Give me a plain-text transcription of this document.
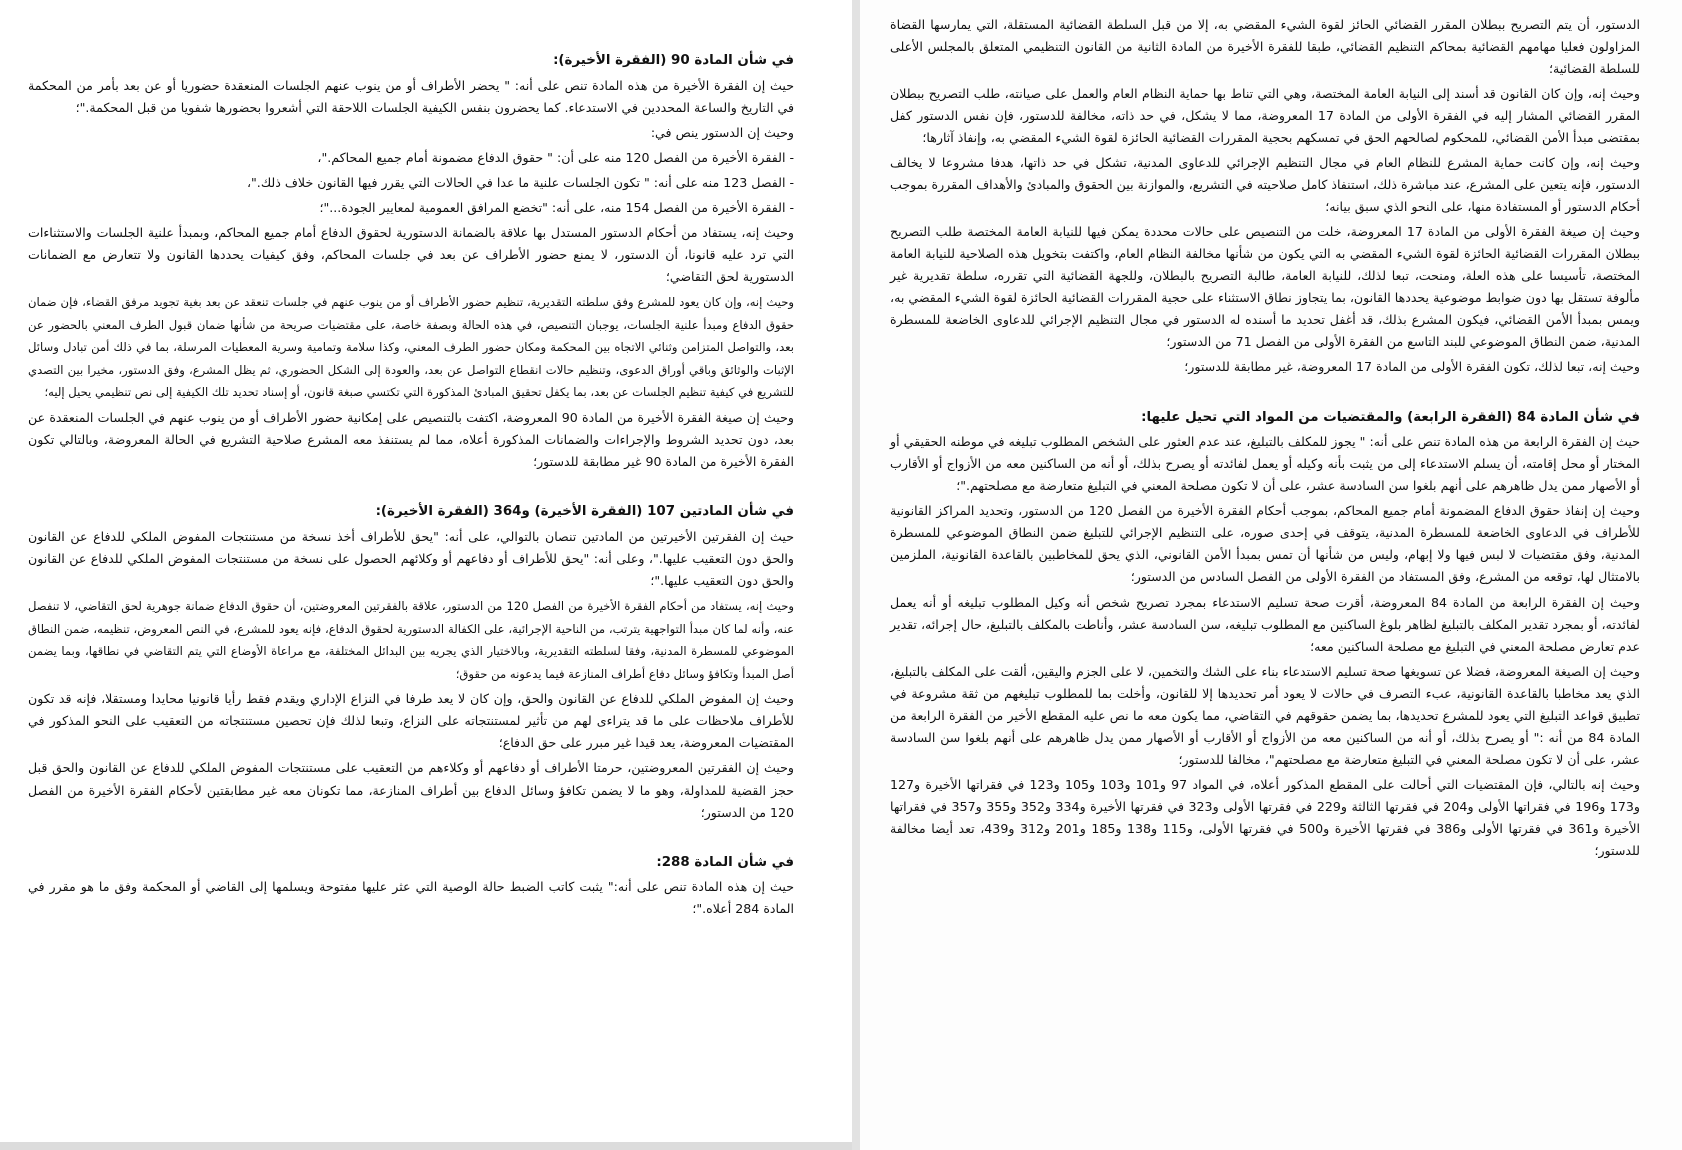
في شأن المادة 90 (الفقرة الأخيرة):

حيث إن الفقرة الأخيرة من هذه المادة تنص على أنه: " يحضر الأطراف أو من ينوب عنهم الجلسات المنعقدة حضوريا أو عن بعد بأمر من المحكمة في التاريخ والساعة المحددين في الاستدعاء. كما يحضرون بنفس الكيفية الجلسات اللاحقة التي أشعروا بحضورها شفويا من قبل المحكمة."؛

وحيث إن الدستور ينص في:

- الفقرة الأخيرة من الفصل 120 منه على أن: " حقوق الدفاع مضمونة أمام جميع المحاكم."،

- الفصل 123 منه على أنه: " تكون الجلسات علنية ما عدا في الحالات التي يقرر فيها القانون خلاف ذلك."،

- الفقرة الأخيرة من الفصل 154 منه، على أنه: "تخضع المرافق العمومية لمعايير الجودة..."؛

وحيث إنه، يستفاد من أحكام الدستور المستدل بها علاقة بالضمانة الدستورية لحقوق الدفاع أمام جميع المحاكم، وبمبدأ علنية الجلسات والاستثناءات التي ترد عليه قانونا، أن الدستور، لا يمنع حضور الأطراف عن بعد في جلسات المحاكم، وفق كيفيات يحددها القانون ولا تتعارض مع الضمانات الدستورية لحق التقاضي؛

وحيث إنه، وإن كان يعود للمشرع وفق سلطته التقديرية، تنظيم حضور الأطراف أو من ينوب عنهم في جلسات تنعقد عن بعد بغية تجويد مرفق القضاء، فإن ضمان حقوق الدفاع ومبدأ علنية الجلسات، يوجبان التنصيص، في هذه الحالة وبصفة خاصة، على مقتضيات صريحة من شأنها ضمان قبول الطرف المعني بالحضور عن بعد، والتواصل المتزامن وثنائي الاتجاه بين المحكمة ومكان حضور الطرف المعني، وكذا سلامة وتمامية وسرية المعطيات المرسلة، بما في ذلك أمن تبادل وسائل الإثبات والوثائق وباقي أوراق الدعوى، وتنظيم حالات انقطاع التواصل عن بعد، والعودة إلى الشكل الحضوري، ثم يظل المشرع، وفق الدستور، مخيرا بين التصدي للتشريع في كيفية تنظيم الجلسات عن بعد، بما يكفل تحقيق المبادئ المذكورة التي تكتسي صبغة قانون، أو إسناد تحديد تلك الكيفية إلى نص تنظيمي يحيل إليه؛

وحيث إن صيغة الفقرة الأخيرة من المادة 90 المعروضة، اكتفت بالتنصيص على إمكانية حضور الأطراف أو من ينوب عنهم في الجلسات المنعقدة عن بعد، دون تحديد الشروط والإجراءات والضمانات المذكورة أعلاه، مما لم يستنفذ معه المشرع صلاحية التشريع في الحالة المعروضة، وبالتالي تكون الفقرة الأخيرة من المادة 90 غير مطابقة للدستور؛

في شأن المادتين 107 (الفقرة الأخيرة) و364 (الفقرة الأخيرة):

حيث إن الفقرتين الأخيرتين من المادتين تنصان بالتوالي، على أنه: "يحق للأطراف أخذ نسخة من مستنتجات المفوض الملكي للدفاع عن القانون والحق دون التعقيب عليها."، وعلى أنه: "يحق للأطراف أو دفاعهم أو وكلائهم الحصول على نسخة من مستنتجات المفوض الملكي للدفاع عن القانون والحق دون التعقيب عليها."؛

وحيث إنه، يستفاد من أحكام الفقرة الأخيرة من الفصل 120 من الدستور، علاقة بالفقرتين المعروضتين، أن حقوق الدفاع ضمانة جوهرية لحق التقاضي، لا تنفصل عنه، وأنه لما كان مبدأ التواجهية يترتب، من الناحية الإجرائية، على الكفالة الدستورية لحقوق الدفاع، فإنه يعود للمشرع، في النص المعروض، تنظيمه، ضمن النطاق الموضوعي للمسطرة المدنية، وفقا لسلطته التقديرية، وبالاختيار الذي يجريه بين البدائل المختلفة، مع مراعاة الأوضاع التي يتم التقاضي في نطاقها، وبما يضمن أصل المبدأ وتكافؤ وسائل دفاع أطراف المنازعة فيما يدعونه من حقوق؛

وحيث إن المفوض الملكي للدفاع عن القانون والحق، وإن كان لا يعد طرفا في النزاع الإداري ويقدم فقط رأيا قانونيا محايدا ومستقلا، فإنه قد تكون للأطراف ملاحظات على ما قد يتراءى لهم من تأثير لمستنتجاته على النزاع، وتبعا لذلك فإن تحصين مستنتجاته من التعقيب على النحو المذكور في المقتضيات المعروضة، يعد قيدا غير مبرر على حق الدفاع؛

وحيث إن الفقرتين المعروضتين، حرمتا الأطراف أو دفاعهم أو وكلاءهم من التعقيب على مستنتجات المفوض الملكي للدفاع عن القانون والحق قبل حجز القضية للمداولة، وهو ما لا يضمن تكافؤ وسائل الدفاع بين أطراف المنازعة، مما تكونان معه غير مطابقتين لأحكام الفقرة الأخيرة من الفصل 120 من الدستور؛

في شأن المادة 288:

حيث إن هذه المادة تنص على أنه:" يثبت كاتب الضبط حالة الوصية التي عثر عليها مفتوحة ويسلمها إلى القاضي أو المحكمة وفق ما هو مقرر في المادة 284 أعلاه."؛

الدستور، أن يتم التصريح ببطلان المقرر القضائي الحائز لقوة الشيء المقضي به، إلا من قبل السلطة القضائية المستقلة، التي يمارسها القضاة المزاولون فعليا مهامهم القضائية بمحاكم التنظيم القضائي، طبقا للفقرة الأخيرة من المادة الثانية من القانون التنظيمي المتعلق بالمجلس الأعلى للسلطة القضائية؛

وحيث إنه، وإن كان القانون قد أسند إلى النيابة العامة المختصة، وهي التي تناط بها حماية النظام العام والعمل على صيانته، طلب التصريح ببطلان المقرر القضائي المشار إليه في الفقرة الأولى من المادة 17 المعروضة، مما لا يشكل، في حد ذاته، مخالفة للدستور، فإن نفس الدستور كفل بمقتضى مبدأ الأمن القضائي، للمحكوم لصالحهم الحق في تمسكهم بحجية المقررات القضائية الحائزة لقوة الشيء المقضي به، وإنفاذ آثارها؛

وحيث إنه، وإن كانت حماية المشرع للنظام العام في مجال التنظيم الإجرائي للدعاوى المدنية، تشكل في حد ذاتها، هدفا مشروعا لا يخالف الدستور، فإنه يتعين على المشرع، عند مباشرة ذلك، استنفاذ كامل صلاحيته في التشريع، والموازنة بين الحقوق والمبادئ والأهداف المقررة بموجب أحكام الدستور أو المستفادة منها، على النحو الذي سبق بيانه؛

وحيث إن صيغة الفقرة الأولى من المادة 17 المعروضة، خلت من التنصيص على حالات محددة يمكن فيها للنيابة العامة المختصة طلب التصريح ببطلان المقررات القضائية الحائزة لقوة الشيء المقضي به التي يكون من شأنها مخالفة النظام العام، واكتفت بتخويل هذه الصلاحية للنيابة العامة المختصة، تأسيسا على هذه العلة، ومنحت، تبعا لذلك، للنيابة العامة، طالبة التصريح بالبطلان، وللجهة القضائية التي تقرره، سلطة تقديرية غير مألوفة تستقل بها دون ضوابط موضوعية يحددها القانون، بما يتجاوز نطاق الاستثناء على حجية المقررات القضائية الحائزة لقوة الشيء المقضي به، ويمس بمبدأ الأمن القضائي، فيكون المشرع بذلك، قد أغفل تحديد ما أسنده له الدستور في مجال التنظيم الإجرائي للدعاوى الخاضعة للمسطرة المدنية، ضمن النطاق الموضوعي للبند التاسع من الفقرة الأولى من الفصل 71 من الدستور؛

وحيث إنه، تبعا لذلك، تكون الفقرة الأولى من المادة 17 المعروضة، غير مطابقة للدستور؛

في شأن المادة 84 (الفقرة الرابعة) والمقتضيات من المواد التي تحيل عليها:

حيث إن الفقرة الرابعة من هذه المادة تنص على أنه: " يجوز للمكلف بالتبليغ، عند عدم العثور على الشخص المطلوب تبليغه في موطنه الحقيقي أو المختار أو محل إقامته، أن يسلم الاستدعاء إلى من يثبت بأنه وكيله أو يعمل لفائدته أو يصرح بذلك، أو أنه من الساكنين معه من الأزواج أو الأقارب أو الأصهار ممن يدل ظاهرهم على أنهم بلغوا سن السادسة عشر، على أن لا تكون مصلحة المعني في التبليغ متعارضة مع مصلحتهم."؛

وحيث إن إنفاذ حقوق الدفاع المضمونة أمام جميع المحاكم، بموجب أحكام الفقرة الأخيرة من الفصل 120 من الدستور، وتحديد المراكز القانونية للأطراف في الدعاوى الخاضعة للمسطرة المدنية، يتوقف في إحدى صوره، على التنظيم الإجرائي للتبليغ ضمن النطاق الموضوعي للمسطرة المدنية، وفق مقتضيات لا لبس فيها ولا إبهام، وليس من شأنها أن تمس بمبدأ الأمن القانوني، الذي يحق للمخاطبين بالقاعدة القانونية، الملزمين بالامتثال لها، توقعه من المشرع، وفق المستفاد من الفقرة الأولى من الفصل السادس من الدستور؛

وحيث إن الفقرة الرابعة من المادة 84 المعروضة، أقرت صحة تسليم الاستدعاء بمجرد تصريح شخص أنه وكيل المطلوب تبليغه أو أنه يعمل لفائدته، أو بمجرد تقدير المكلف بالتبليغ لظاهر بلوغ الساكنين مع المطلوب تبليغه، سن السادسة عشر، وأناطت بالمكلف بالتبليغ، حال إجرائه، تقدير عدم تعارض مصلحة المعني في التبليغ مع مصلحة الساكنين معه؛

وحيث إن الصيغة المعروضة، فضلا عن تسويغها صحة تسليم الاستدعاء بناء على الشك والتخمين، لا على الجزم واليقين، ألقت على المكلف بالتبليغ، الذي يعد مخاطبا بالقاعدة القانونية، عبء التصرف في حالات لا يعود أمر تحديدها إلا للقانون، وأخلت بما للمطلوب تبليغهم من ثقة مشروعة في تطبيق قواعد التبليغ التي يعود للمشرع تحديدها، بما يضمن حقوقهم في التقاضي، مما يكون معه ما نص عليه المقطع الأخير من الفقرة الرابعة من المادة 84 من أنه :" أو يصرح بذلك، أو أنه من الساكنين معه من الأزواج أو الأقارب أو الأصهار ممن يدل ظاهرهم على أنهم بلغوا سن السادسة عشر، على أن لا تكون مصلحة المعني في التبليغ متعارضة مع مصلحتهم"، مخالفا للدستور؛

وحيث إنه بالتالي، فإن المقتضيات التي أحالت على المقطع المذكور أعلاه، في المواد 97 و101 و103 و105 و123 في فقراتها الأخيرة و127 و173 و196 في فقراتها الأولى و204 في فقرتها الثالثة و229 في فقرتها الأولى و323 في فقرتها الأخيرة و334 و352 و355 و357 في فقراتها الأخيرة و361 في فقرتها الأولى و386 في فقرتها الأخيرة و500 في فقرتها الأولى، و115 و138 و185 و201 و312 و439، تعد أيضا مخالفة للدستور؛
